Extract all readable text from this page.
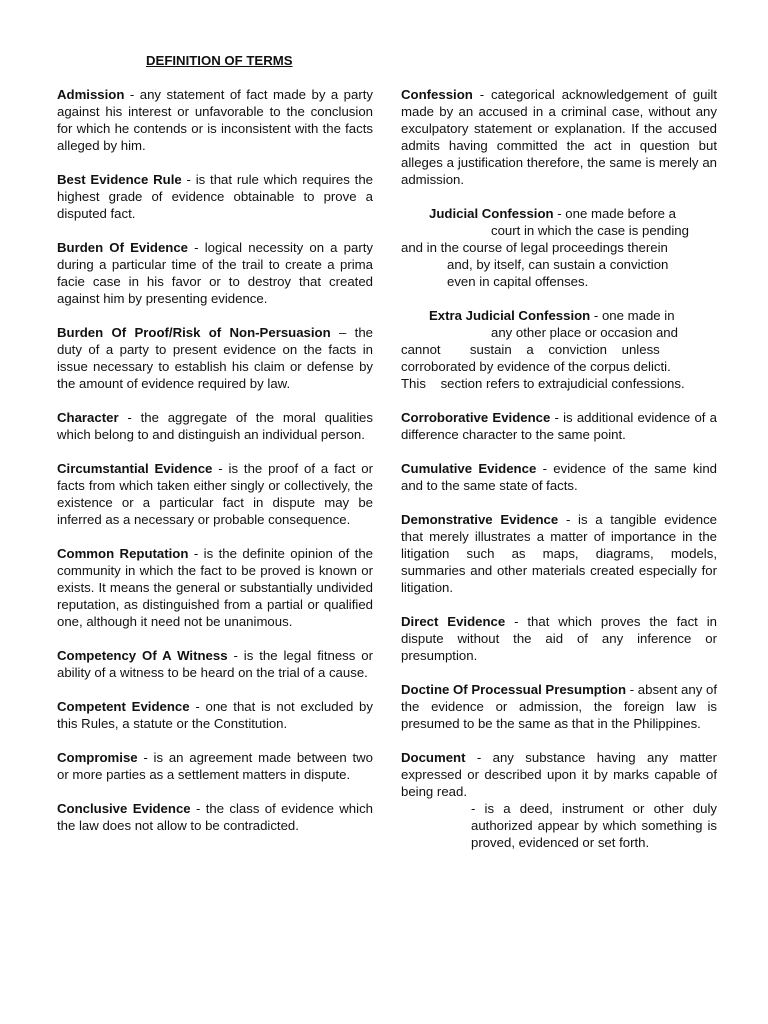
DEFINITION OF TERMS

Admission - any statement of fact made by a party against his interest or unfavorable to the conclusion for which he contends or is inconsistent with the facts alleged by him.

Best Evidence Rule - is that rule which requires the highest grade of evidence obtainable to prove a disputed fact.

Burden Of Evidence - logical necessity on a party during a particular time of the trail to create a prima facie case in his favor or to destroy that created against him by presenting evidence.

Burden Of Proof/Risk of Non-Persuasion – the duty of a party to present evidence on the facts in issue necessary to establish his claim or defense by the amount of evidence required by law.

Character - the aggregate of the moral qualities which belong to and distinguish an individual person.

Circumstantial Evidence - is the proof of a fact or facts from which taken either singly or collectively, the existence or a particular fact in dispute may be inferred as a necessary or probable consequence.

Common Reputation - is the definite opinion of the community in which the fact to be proved is known or exists. It means the general or substantially undivided reputation, as distinguished from a partial or qualified one, although it need not be unanimous.

Competency Of A Witness - is the legal fitness or ability of a witness to be heard on the trial of a cause.

Competent Evidence - one that is not excluded by this Rules, a statute or the Constitution.

Compromise - is an agreement made between two or more parties as a settlement matters in dispute.

Conclusive Evidence - the class of evidence which the law does not allow to be contradicted.

Confession - categorical acknowledgement of guilt made by an accused in a criminal case, without any exculpatory statement or explanation. If the accused admits having committed the act in question but alleges a justification therefore, the same is merely an admission.

Judicial Confession - one made before a
court in which the case is pending
and in the course of legal proceedings therein
and, by itself, can sustain a conviction
even in capital offenses.
Extra Judicial Confession - one made in
any other place or occasion and
cannot        sustain    a    conviction    unless
corroborated by evidence of the corpus delicti.
This    section refers to extrajudicial confessions.

Corroborative Evidence - is additional evidence of a difference character to the same point.

Cumulative Evidence - evidence of the same kind and to the same state of facts.

Demonstrative Evidence - is a tangible evidence that merely illustrates a matter of importance in the litigation such as maps, diagrams, models, summaries and other materials created especially for litigation.

Direct Evidence - that which proves the fact in dispute without the aid of any inference or presumption.

Doctine Of Processual Presumption - absent any of the evidence or admission, the foreign law is presumed to be the same as that in the Philippines.

Document - any substance having any matter expressed or described upon it by marks capable of being read.
- is a deed, instrument or other duly authorized appear by which something is proved, evidenced or set forth.
